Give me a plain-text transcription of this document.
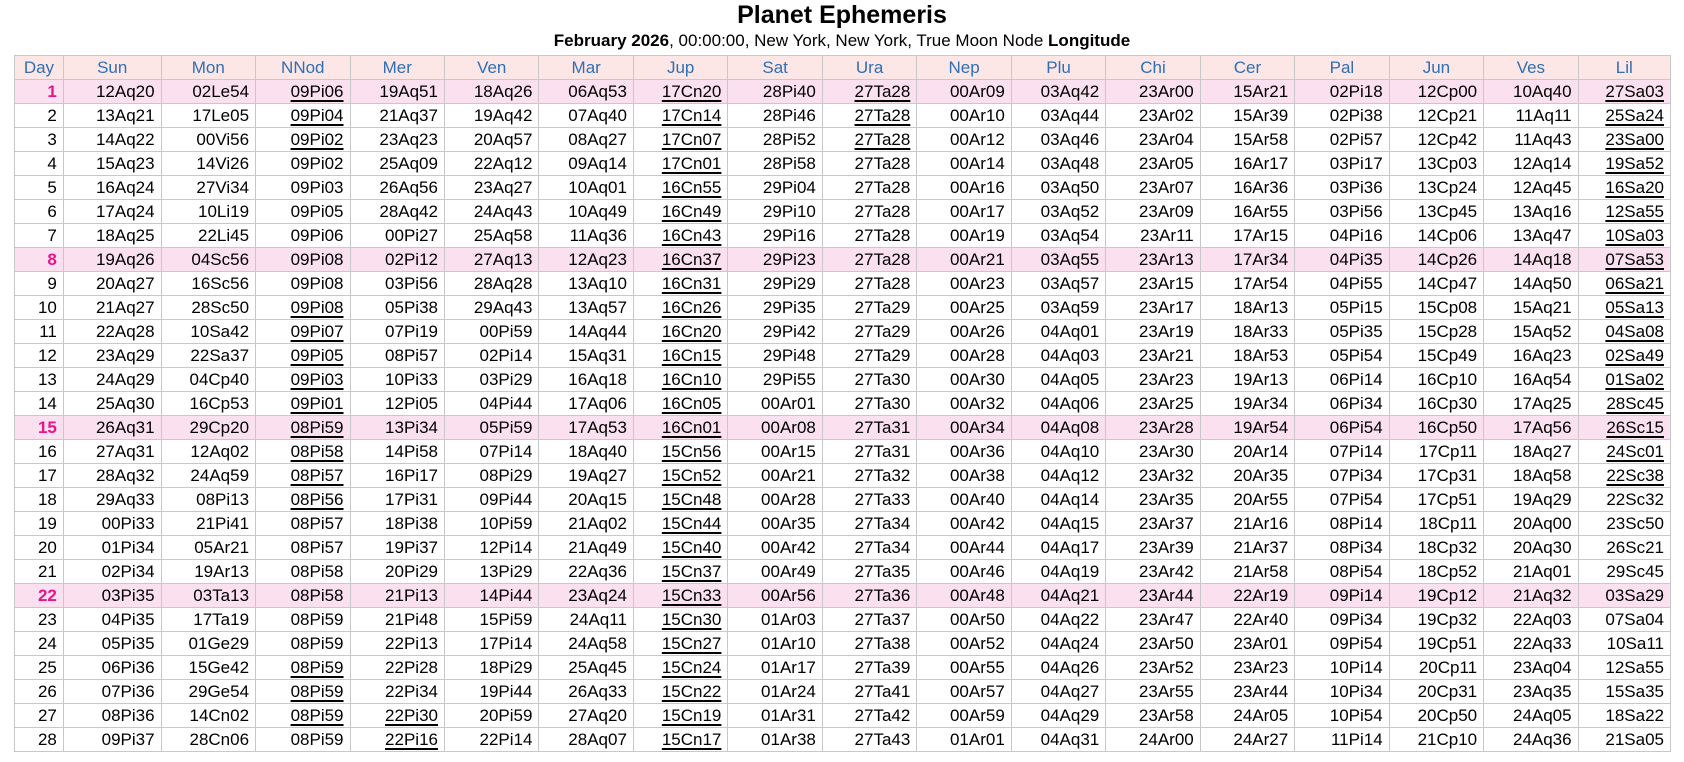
Planet Ephemeris
February 2026, 00:00:00, New York, New York, True Moon Node Longitude
Day	Sun	Mon	NNod	Mer	Ven	Mar	Jup	Sat	Ura	Nep	Plu	Chi	Cer	Pal	Jun	Ves	Lil
1	12Aq20	02Le54	09Pi06	19Aq51	18Aq26	06Aq53	17Cn20	28Pi40	27Ta28	00Ar09	03Aq42	23Ar00	15Ar21	02Pi18	12Cp00	10Aq40	27Sa03
2	13Aq21	17Le05	09Pi04	21Aq37	19Aq42	07Aq40	17Cn14	28Pi46	27Ta28	00Ar10	03Aq44	23Ar02	15Ar39	02Pi38	12Cp21	11Aq11	25Sa24
3	14Aq22	00Vi56	09Pi02	23Aq23	20Aq57	08Aq27	17Cn07	28Pi52	27Ta28	00Ar12	03Aq46	23Ar04	15Ar58	02Pi57	12Cp42	11Aq43	23Sa00
4	15Aq23	14Vi26	09Pi02	25Aq09	22Aq12	09Aq14	17Cn01	28Pi58	27Ta28	00Ar14	03Aq48	23Ar05	16Ar17	03Pi17	13Cp03	12Aq14	19Sa52
5	16Aq24	27Vi34	09Pi03	26Aq56	23Aq27	10Aq01	16Cn55	29Pi04	27Ta28	00Ar16	03Aq50	23Ar07	16Ar36	03Pi36	13Cp24	12Aq45	16Sa20
6	17Aq24	10Li19	09Pi05	28Aq42	24Aq43	10Aq49	16Cn49	29Pi10	27Ta28	00Ar17	03Aq52	23Ar09	16Ar55	03Pi56	13Cp45	13Aq16	12Sa55
7	18Aq25	22Li45	09Pi06	00Pi27	25Aq58	11Aq36	16Cn43	29Pi16	27Ta28	00Ar19	03Aq54	23Ar11	17Ar15	04Pi16	14Cp06	13Aq47	10Sa03
8	19Aq26	04Sc56	09Pi08	02Pi12	27Aq13	12Aq23	16Cn37	29Pi23	27Ta28	00Ar21	03Aq55	23Ar13	17Ar34	04Pi35	14Cp26	14Aq18	07Sa53
9	20Aq27	16Sc56	09Pi08	03Pi56	28Aq28	13Aq10	16Cn31	29Pi29	27Ta28	00Ar23	03Aq57	23Ar15	17Ar54	04Pi55	14Cp47	14Aq50	06Sa21
10	21Aq27	28Sc50	09Pi08	05Pi38	29Aq43	13Aq57	16Cn26	29Pi35	27Ta29	00Ar25	03Aq59	23Ar17	18Ar13	05Pi15	15Cp08	15Aq21	05Sa13
11	22Aq28	10Sa42	09Pi07	07Pi19	00Pi59	14Aq44	16Cn20	29Pi42	27Ta29	00Ar26	04Aq01	23Ar19	18Ar33	05Pi35	15Cp28	15Aq52	04Sa08
12	23Aq29	22Sa37	09Pi05	08Pi57	02Pi14	15Aq31	16Cn15	29Pi48	27Ta29	00Ar28	04Aq03	23Ar21	18Ar53	05Pi54	15Cp49	16Aq23	02Sa49
13	24Aq29	04Cp40	09Pi03	10Pi33	03Pi29	16Aq18	16Cn10	29Pi55	27Ta30	00Ar30	04Aq05	23Ar23	19Ar13	06Pi14	16Cp10	16Aq54	01Sa02
14	25Aq30	16Cp53	09Pi01	12Pi05	04Pi44	17Aq06	16Cn05	00Ar01	27Ta30	00Ar32	04Aq06	23Ar25	19Ar34	06Pi34	16Cp30	17Aq25	28Sc45
15	26Aq31	29Cp20	08Pi59	13Pi34	05Pi59	17Aq53	16Cn01	00Ar08	27Ta31	00Ar34	04Aq08	23Ar28	19Ar54	06Pi54	16Cp50	17Aq56	26Sc15
16	27Aq31	12Aq02	08Pi58	14Pi58	07Pi14	18Aq40	15Cn56	00Ar15	27Ta31	00Ar36	04Aq10	23Ar30	20Ar14	07Pi14	17Cp11	18Aq27	24Sc01
17	28Aq32	24Aq59	08Pi57	16Pi17	08Pi29	19Aq27	15Cn52	00Ar21	27Ta32	00Ar38	04Aq12	23Ar32	20Ar35	07Pi34	17Cp31	18Aq58	22Sc38
18	29Aq33	08Pi13	08Pi56	17Pi31	09Pi44	20Aq15	15Cn48	00Ar28	27Ta33	00Ar40	04Aq14	23Ar35	20Ar55	07Pi54	17Cp51	19Aq29	22Sc32
19	00Pi33	21Pi41	08Pi57	18Pi38	10Pi59	21Aq02	15Cn44	00Ar35	27Ta34	00Ar42	04Aq15	23Ar37	21Ar16	08Pi14	18Cp11	20Aq00	23Sc50
20	01Pi34	05Ar21	08Pi57	19Pi37	12Pi14	21Aq49	15Cn40	00Ar42	27Ta34	00Ar44	04Aq17	23Ar39	21Ar37	08Pi34	18Cp32	20Aq30	26Sc21
21	02Pi34	19Ar13	08Pi58	20Pi29	13Pi29	22Aq36	15Cn37	00Ar49	27Ta35	00Ar46	04Aq19	23Ar42	21Ar58	08Pi54	18Cp52	21Aq01	29Sc45
22	03Pi35	03Ta13	08Pi58	21Pi13	14Pi44	23Aq24	15Cn33	00Ar56	27Ta36	00Ar48	04Aq21	23Ar44	22Ar19	09Pi14	19Cp12	21Aq32	03Sa29
23	04Pi35	17Ta19	08Pi59	21Pi48	15Pi59	24Aq11	15Cn30	01Ar03	27Ta37	00Ar50	04Aq22	23Ar47	22Ar40	09Pi34	19Cp32	22Aq03	07Sa04
24	05Pi35	01Ge29	08Pi59	22Pi13	17Pi14	24Aq58	15Cn27	01Ar10	27Ta38	00Ar52	04Aq24	23Ar50	23Ar01	09Pi54	19Cp51	22Aq33	10Sa11
25	06Pi36	15Ge42	08Pi59	22Pi28	18Pi29	25Aq45	15Cn24	01Ar17	27Ta39	00Ar55	04Aq26	23Ar52	23Ar23	10Pi14	20Cp11	23Aq04	12Sa55
26	07Pi36	29Ge54	08Pi59	22Pi34	19Pi44	26Aq33	15Cn22	01Ar24	27Ta41	00Ar57	04Aq27	23Ar55	23Ar44	10Pi34	20Cp31	23Aq35	15Sa35
27	08Pi36	14Cn02	08Pi59	22Pi30	20Pi59	27Aq20	15Cn19	01Ar31	27Ta42	00Ar59	04Aq29	23Ar58	24Ar05	10Pi54	20Cp50	24Aq05	18Sa22
28	09Pi37	28Cn06	08Pi59	22Pi16	22Pi14	28Aq07	15Cn17	01Ar38	27Ta43	01Ar01	04Aq31	24Ar00	24Ar27	11Pi14	21Cp10	24Aq36	21Sa05
